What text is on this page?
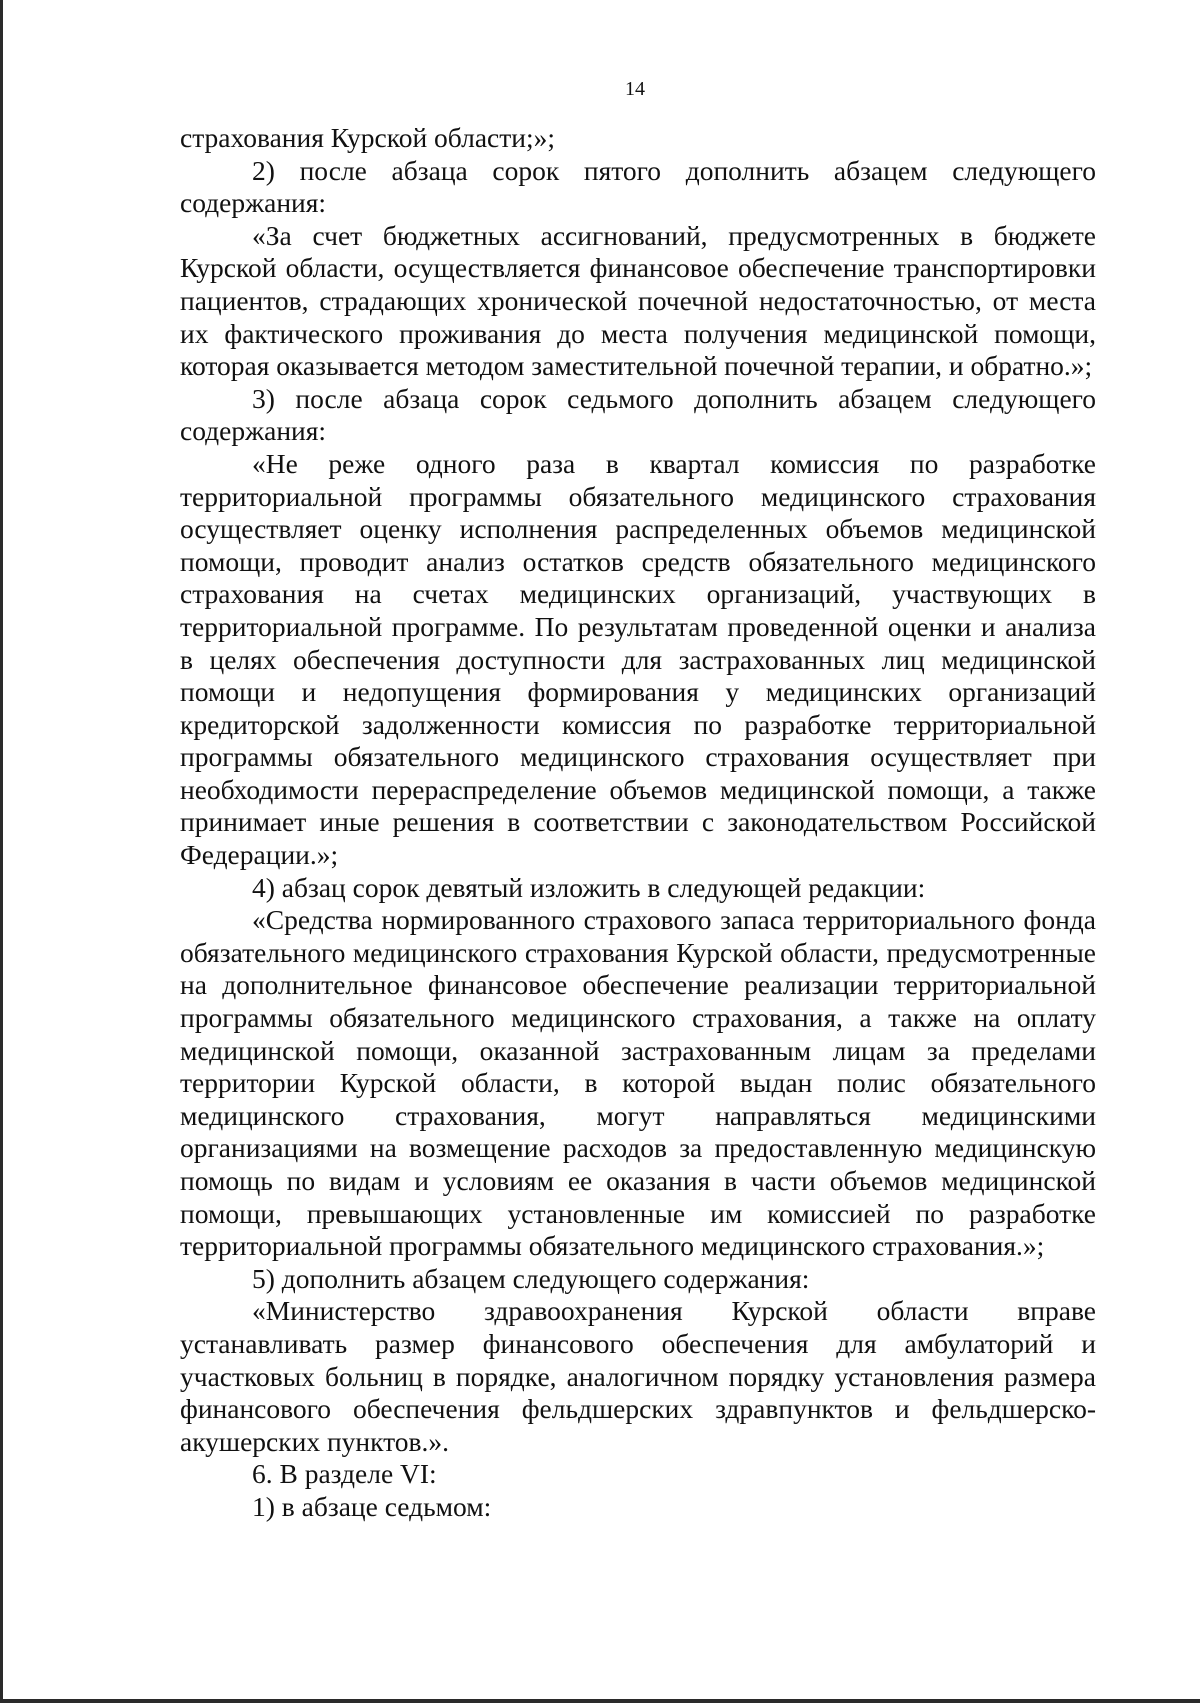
14

страхования Курской области;»;

2) после абзаца сорок пятого дополнить абзацем следующего содержания:

«За счет бюджетных ассигнований, предусмотренных в бюджете Курской области, осуществляется финансовое обеспечение транспортировки пациентов, страдающих хронической почечной недостаточностью, от места их фактического проживания до места получения медицинской помощи, которая оказывается методом заместительной почечной терапии, и обратно.»;

3) после абзаца сорок седьмого дополнить абзацем следующего содержания:

«Не реже одного раза в квартал комиссия по разработке территориальной программы обязательного медицинского страхования осуществляет оценку исполнения распределенных объемов медицинской помощи, проводит анализ остатков средств обязательного медицинского страхования на счетах медицинских организаций, участвующих в территориальной программе. По результатам проведенной оценки и анализа в целях обеспечения доступности для застрахованных лиц медицинской помощи и недопущения формирования у медицинских организаций кредиторской задолженности комиссия по разработке территориальной программы обязательного медицинского страхования осуществляет при необходимости перераспределение объемов медицинской помощи, а также принимает иные решения в соответствии с законодательством Российской Федерации.»;

4) абзац сорок девятый изложить в следующей редакции:

«Средства нормированного страхового запаса территориального фонда обязательного медицинского страхования Курской области, предусмотренные на дополнительное финансовое обеспечение реализации территориальной программы обязательного медицинского страхования, а также на оплату медицинской помощи, оказанной застрахованным лицам за пределами территории Курской области, в которой выдан полис обязательного медицинского страхования, могут направляться медицинскими организациями на возмещение расходов за предоставленную медицинскую помощь по видам и условиям ее оказания в части объемов медицинской помощи, превышающих установленные им комиссией по разработке территориальной программы обязательного медицинского страхования.»;

5) дополнить абзацем следующего содержания:

«Министерство здравоохранения Курской области вправе устанавливать размер финансового обеспечения для амбулаторий и участковых больниц в порядке, аналогичном порядку установления размера финансового обеспечения фельдшерских здравпунктов и фельдшерско-акушерских пунктов.».

6. В разделе VI:

1) в абзаце седьмом:
